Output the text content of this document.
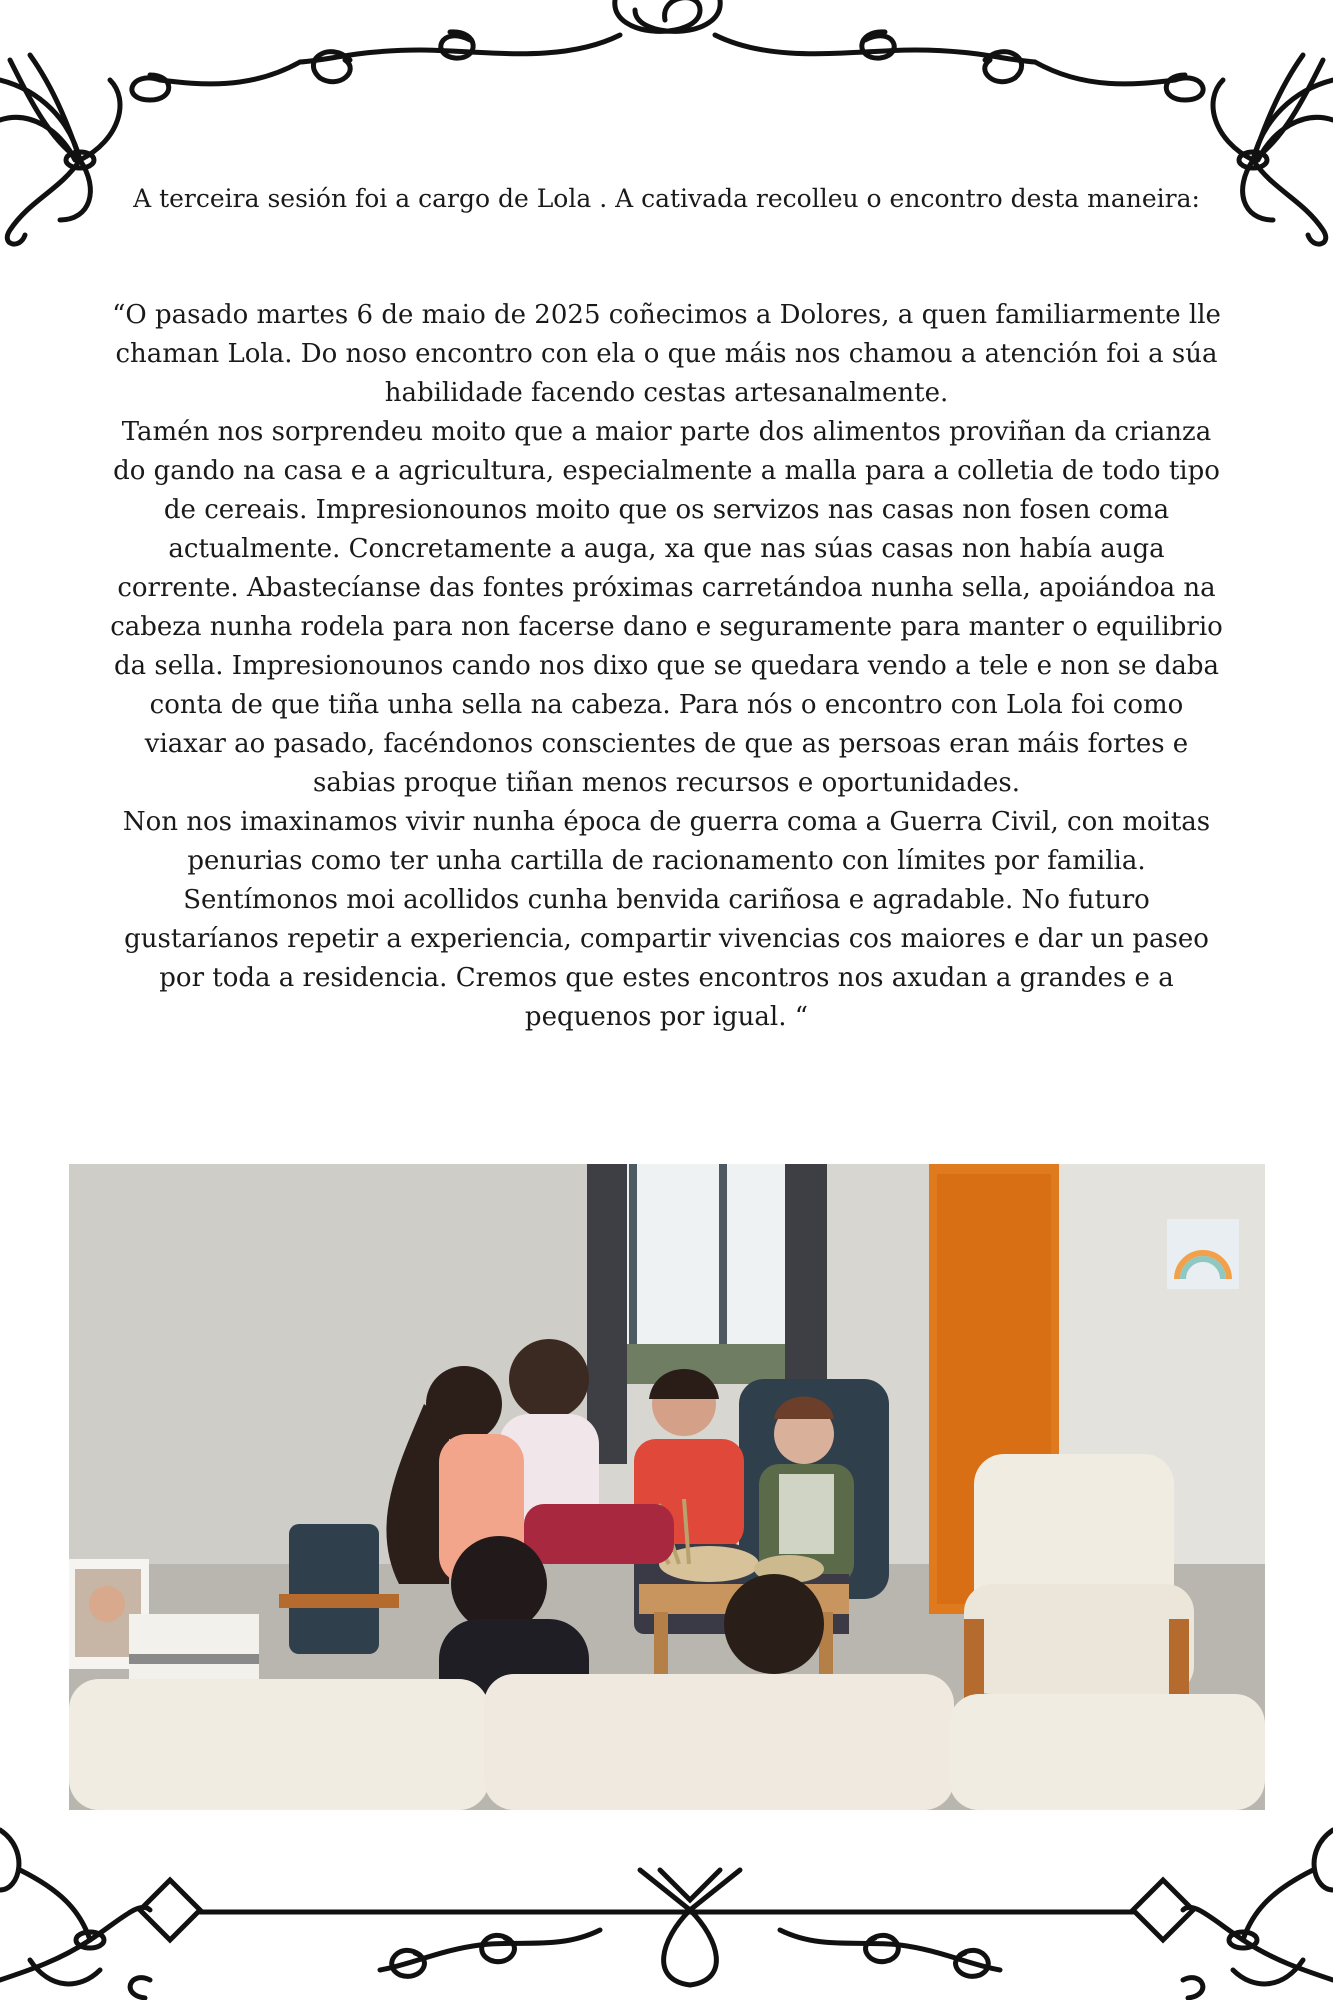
A terceira sesión foi a cargo de Lola . A cativada recolleu o encontro desta maneira:

“O pasado martes 6 de maio de 2025 coñecimos a Dolores, a quen familiarmente lle chaman Lola. Do noso encontro con ela o que máis nos chamou a atención foi a súa habilidade facendo cestas artesanalmente.

Tamén nos sorprendeu moito que a maior parte dos alimentos proviñan da crianza do gando na casa e a agricultura, especialmente a malla para a colletia de todo tipo de cereais. Impresionounos moito que os servizos nas casas non fosen coma actualmente. Concretamente a auga, xa que nas súas casas non había auga corrente. Abastecíanse das fontes próximas carretándoa nunha sella, apoiándoa na cabeza nunha rodela para non facerse dano e seguramente para manter o equilibrio da sella. Impresionounos cando nos dixo que se quedara vendo a tele e non se daba conta de que tiña unha sella na cabeza. Para nós o encontro con Lola foi como viaxar ao pasado, facéndonos conscientes de que as persoas eran máis fortes e sabias proque tiñan menos recursos e oportunidades.

Non nos imaxinamos vivir nunha época de guerra coma a Guerra Civil, con moitas penurias como ter unha cartilla de racionamento con límites por familia. Sentímonos moi acollidos cunha benvida cariñosa e agradable. No futuro gustaríanos repetir a experiencia, compartir vivencias cos maiores e dar un paseo por toda a residencia. Cremos que estes encontros nos axudan a grandes e a pequenos por igual. “
